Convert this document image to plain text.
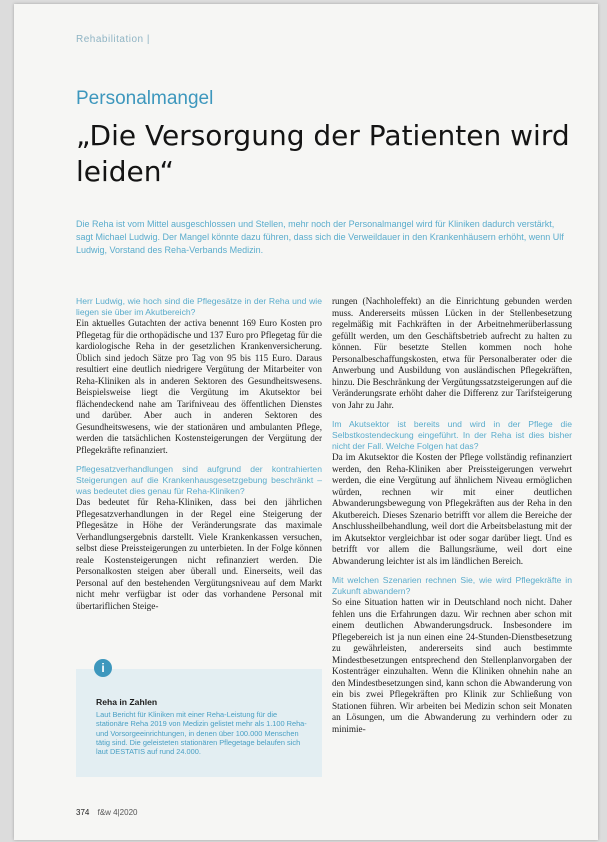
Rehabilitation |
Personalmangel
„Die Versorgung der Patienten wird leiden“

Die Reha ist vom Mittel ausgeschlossen und Stellen, mehr noch der Personalmangel wird für Kliniken dadurch verstärkt, sagt Michael Ludwig. Der Mangel könnte dazu führen, dass sich die Verweildauer in den Krankenhäusern erhöht, wenn Ulf Ludwig, Vorstand des Reha-Verbands Medizin.

Herr Ludwig, wie hoch sind die Pflegesätze in der Reha und wie liegen sie über im Akutbereich?

Ein aktuelles Gutachten der activa benennt 169 Euro Kosten pro Pflegetag für die orthopädische und 137 Euro pro Pflegetag für die kardiologische Reha in der gesetzlichen Krankenversicherung. Üblich sind jedoch Sätze pro Tag von 95 bis 115 Euro. Daraus resultiert eine deutlich niedrigere Vergütung der Mitarbeiter von Reha-Kliniken als in anderen Sektoren des Gesundheitswesens. Beispielsweise liegt die Vergütung im Akutsektor bei flächendeckend nahe am Tarifniveau des öffentlichen Dienstes und darüber. Aber auch in anderen Sektoren des Gesundheitswesens, wie der stationären und ambulanten Pflege, werden die tatsächlichen Kostensteigerungen der Vergütung der Pflegekräfte refinanziert.

Pflegesatzverhandlungen sind aufgrund der kontrahierten Steigerungen auf die Krankenhausgesetzgebung beschränkt – was bedeutet dies genau für Reha-Kliniken?

Das bedeutet für Reha-Kliniken, dass bei den jährlichen Pflegesatzverhandlungen in der Regel eine Steigerung der Pflegesätze in Höhe der Veränderungsrate das maximale Verhandlungsergebnis darstellt. Viele Krankenkassen versuchen, selbst diese Preissteigerungen zu unterbieten. In der Folge können reale Kostensteigerungen nicht refinanziert werden. Die Personalkosten steigen aber überall und. Einerseits, weil das Personal auf den bestehenden Vergütungsniveau auf dem Markt nicht mehr verfügbar ist oder das vorhandene Personal mit übertariflichen Steige-

rungen (Nachholeffekt) an die Einrichtung gebunden werden muss. Andererseits müssen Lücken in der Stellenbesetzung regelmäßig mit Fachkräften in der Arbeitnehmerüberlassung gefüllt werden, um den Geschäftsbetrieb aufrecht zu halten zu können. Für besetzte Stellen kommen noch hohe Personalbeschaffungskosten, etwa für Personalberater oder die Anwerbung und Ausbildung von ausländischen Pflegekräften, hinzu. Die Beschränkung der Vergütungssatzsteigerungen auf die Veränderungsrate erhöht daher die Differenz zur Tarifsteigerung von Jahr zu Jahr.

Im Akutsektor ist bereits und wird in der Pflege die Selbstkostendeckung eingeführt. In der Reha ist dies bisher nicht der Fall. Welche Folgen hat das?

Da im Akutsektor die Kosten der Pflege vollständig refinanziert werden, den Reha-Kliniken aber Preissteigerungen verwehrt werden, die eine Vergütung auf ähnlichem Niveau ermöglichen würden, rechnen wir mit einer deutlichen Abwanderungsbewegung von Pflegekräften aus der Reha in den Akutbereich. Dieses Szenario betrifft vor allem die Bereiche der Anschlussheilbehandlung, weil dort die Arbeitsbelastung mit der im Akutsektor vergleichbar ist oder sogar darüber liegt. Und es betrifft vor allem die Ballungsräume, weil dort eine Abwanderung leichter ist als im ländlichen Bereich.

Mit welchen Szenarien rechnen Sie, wie wird Pflegekräfte in Zukunft abwandern?

So eine Situation hatten wir in Deutschland noch nicht. Daher fehlen uns die Erfahrungen dazu. Wir rechnen aber schon mit einem deutlichen Abwanderungsdruck. Insbesondere im Pflegebereich ist ja nun einen eine 24-Stunden-Dienstbesetzung zu gewährleisten, andererseits sind auch bestimmte Mindestbesetzungen entsprechend den Stellenplanvorgaben der Kostenträger einzuhalten. Wenn die Kliniken ohnehin nahe an den Mindestbesetzungen sind, kann schon die Abwanderung von ein bis zwei Pflegekräften pro Klinik zur Schließung von Stationen führen. Wir arbeiten bei Medizin schon seit Monaten an Lösungen, um die Abwanderung zu verhindern oder zu minimie-

i
Reha in Zahlen

Laut Bericht für Kliniken mit einer Reha-Leistung für die stationäre Reha 2019 von Medizin gelistet mehr als 1.100 Reha- und Vorsorgeeinrichtungen, in denen über 100.000 Menschen tätig sind. Die geleisteten stationären Pflegetage belaufen sich laut DESTATIS auf rund 24.000.

374 f&w 4|2020
